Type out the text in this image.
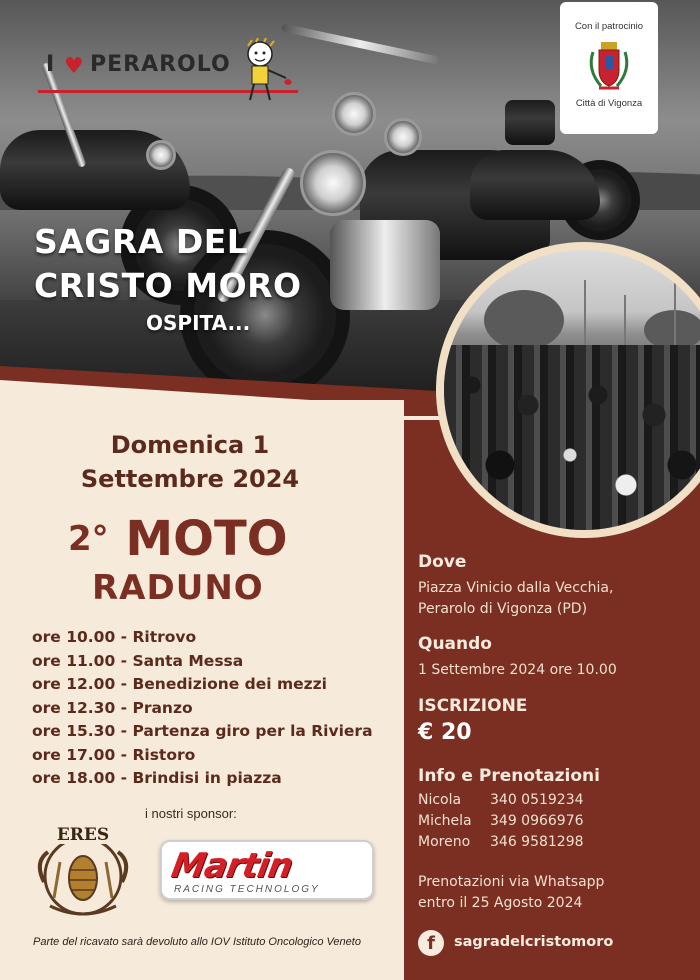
I ♥ PERAROLO
Con il patrocinio
Città di Vigonza
SAGRA DEL
CRISTO MORO
OSPITA...
Domenica 1
Settembre 2024
$^{2^\circ}$ MOTO
RADUNO
ore 10.00 - Ritrovo
ore 11.00 - Santa Messa
ore 12.00 - Benedizione dei mezzi
ore 12.30 - Pranzo
ore 15.30 - Partenza giro per la Riviera
ore 17.00 - Ristoro
ore 18.00 - Brindisi in piazza
i nostri sponsor:
ERES
Martin
RACING TECHNOLOGY
Parte del ricavato sarà devoluto allo IOV Istituto Oncologico Veneto
Dove
Piazza Vinicio dalla Vecchia,
Perarolo di Vigonza (PD)
Quando
1 Settembre 2024 ore 10.00
ISCRIZIONE
€ 20
Info e Prenotazioni
Nicola 340 0519234
Michela 349 0966976
Moreno 346 9581298
Prenotazioni via Whatsapp
entro il 25 Agosto 2024
f	sagradelcristomoro
